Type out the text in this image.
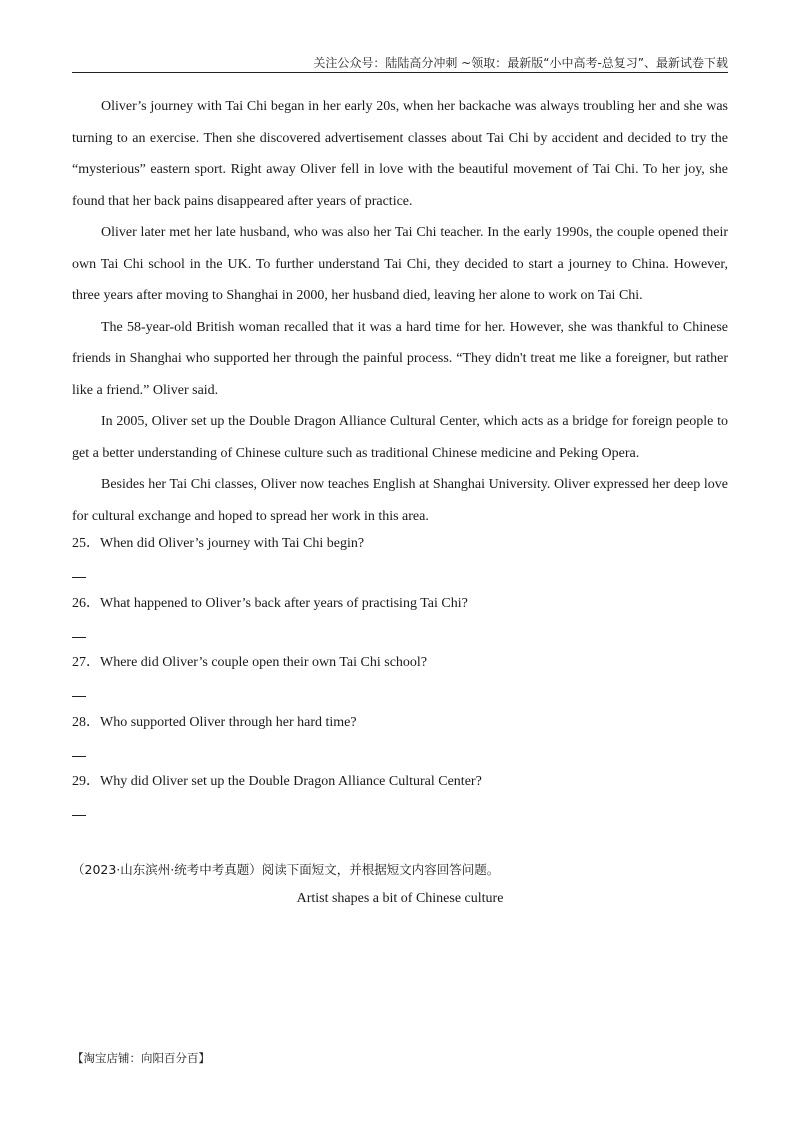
关注公众号：陆陆高分冲刺 ~领取：最新版“小中高考-总复习”、最新试卷下载

Oliver’s journey with Tai Chi began in her early 20s, when her backache was always troubling her and she was turning to an exercise. Then she discovered advertisement classes about Tai Chi by accident and decided to try the “mysterious” eastern sport. Right away Oliver fell in love with the beautiful movement of Tai Chi. To her joy, she found that her back pains disappeared after years of practice.

Oliver later met her late husband, who was also her Tai Chi teacher. In the early 1990s, the couple opened their own Tai Chi school in the UK. To further understand Tai Chi, they decided to start a journey to China. However, three years after moving to Shanghai in 2000, her husband died, leaving her alone to work on Tai Chi.

The 58-year-old British woman recalled that it was a hard time for her. However, she was thankful to Chinese friends in Shanghai who supported her through the painful process. “They didn't treat me like a foreigner, but rather like a friend.” Oliver said.

In 2005, Oliver set up the Double Dragon Alliance Cultural Center, which acts as a bridge for foreign people to get a better understanding of Chinese culture such as traditional Chinese medicine and Peking Opera.

Besides her Tai Chi classes, Oliver now teaches English at Shanghai University. Oliver expressed her deep love for cultural exchange and hoped to spread her work in this area.

25．When did Oliver’s journey with Tai Chi begin?
26．What happened to Oliver’s back after years of practising Tai Chi?
27．Where did Oliver’s couple open their own Tai Chi school?
28．Who supported Oliver through her hard time?
29．Why did Oliver set up the Double Dragon Alliance Cultural Center?
（2023·山东滨州·统考中考真题）阅读下面短文，并根据短文内容回答问题。
Artist shapes a bit of Chinese culture
【淘宝店铺：向阳百分百】
